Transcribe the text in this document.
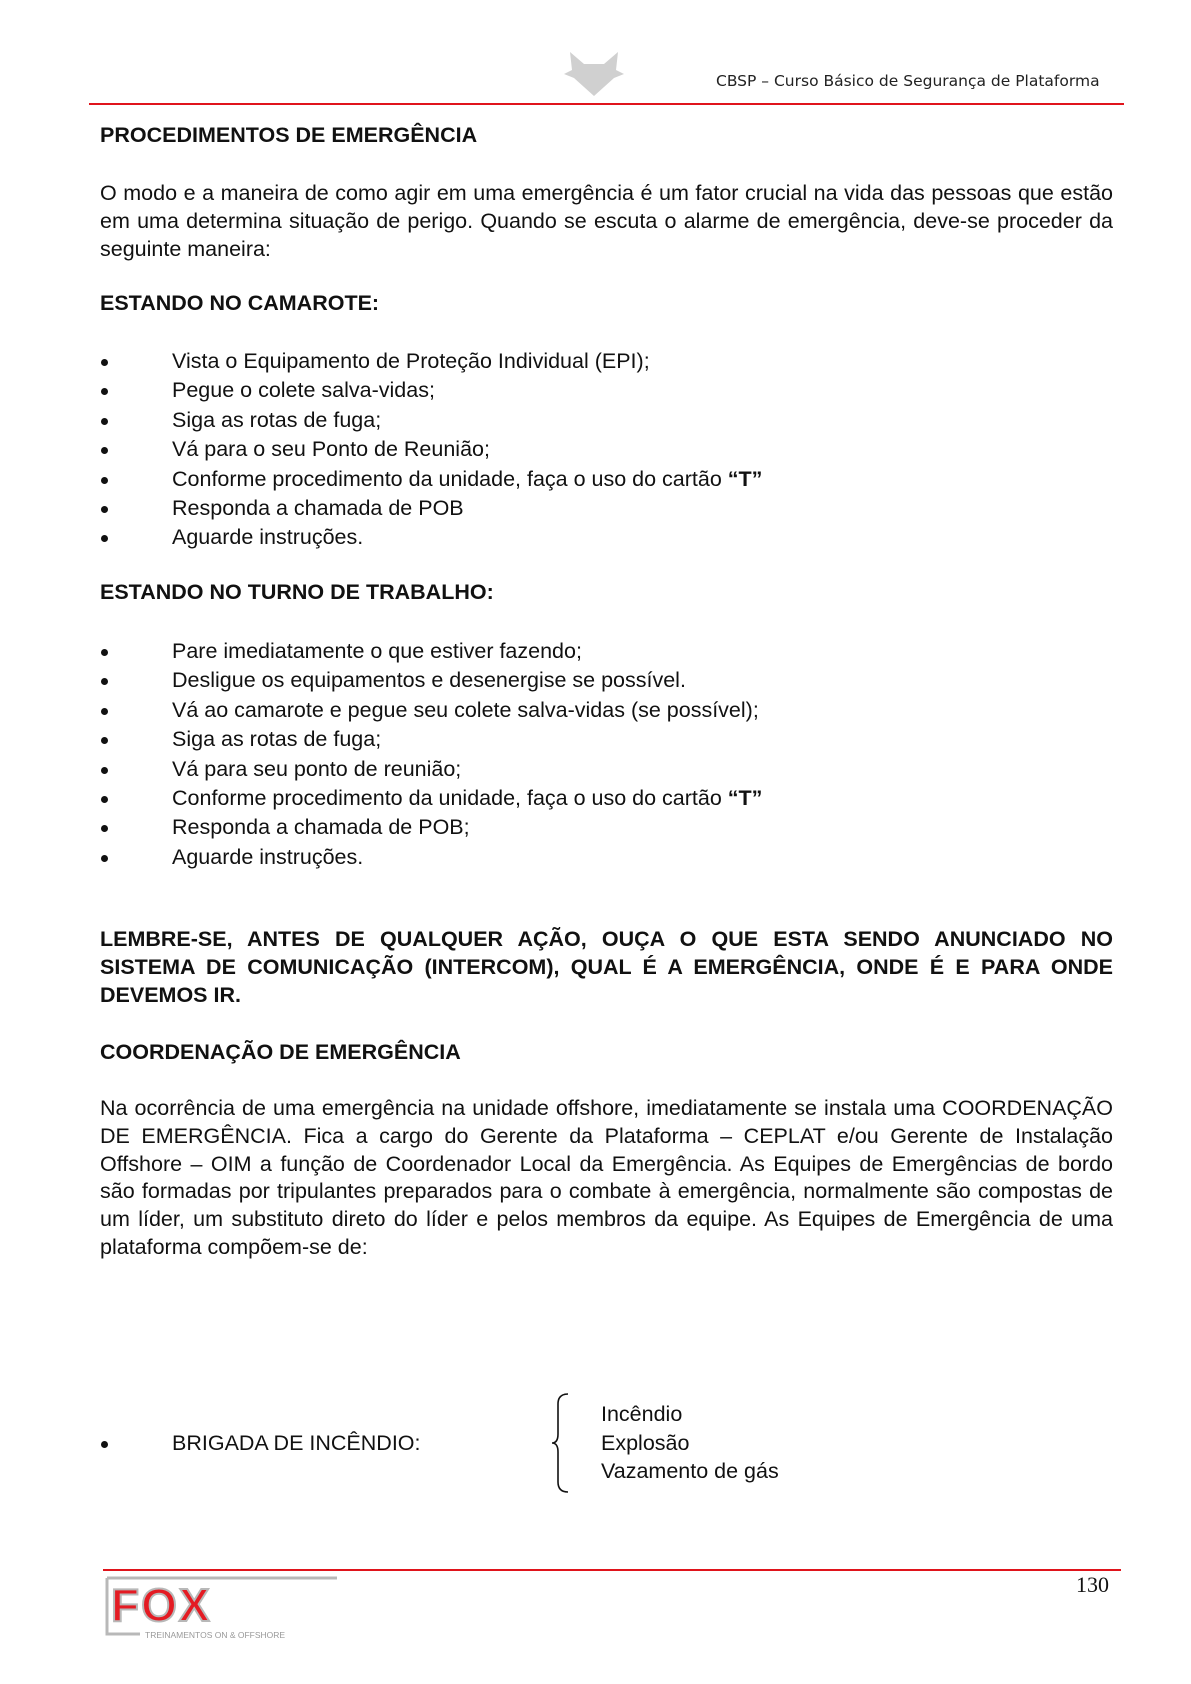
CBSP – Curso Básico de Segurança de Plataforma
PROCEDIMENTOS DE EMERGÊNCIA
O modo e a maneira de como agir em uma emergência é um fator crucial na vida das pessoas que estão em uma determina situação de perigo. Quando se escuta o alarme de emergência, deve-se proceder da seguinte maneira:
ESTANDO NO CAMAROTE:
Vista o Equipamento de Proteção Individual (EPI);
Pegue o colete salva-vidas;
Siga as rotas de fuga;
Vá para o seu Ponto de Reunião;
Conforme procedimento da unidade, faça o uso do cartão “T”
Responda a chamada de POB
Aguarde instruções.
ESTANDO NO TURNO DE TRABALHO:
Pare imediatamente o que estiver fazendo;
Desligue os equipamentos e desenergise se possível.
Vá ao camarote e pegue seu colete salva-vidas (se possível);
Siga as rotas de fuga;
Vá para seu ponto de reunião;
Conforme procedimento da unidade, faça o uso do cartão “T”
Responda a chamada de POB;
Aguarde instruções.
LEMBRE-SE, ANTES DE QUALQUER AÇÃO, OUÇA O QUE ESTA SENDO ANUNCIADO NO SISTEMA DE COMUNICAÇÃO (INTERCOM), QUAL É A EMERGÊNCIA, ONDE É E PARA ONDE DEVEMOS IR.
COORDENAÇÃO DE EMERGÊNCIA
Na ocorrência de uma emergência na unidade offshore, imediatamente se instala uma COORDENAÇÃO DE EMERGÊNCIA. Fica a cargo do Gerente da Plataforma – CEPLAT e/ou Gerente de Instalação Offshore – OIM a função de Coordenador Local da Emergência. As Equipes de Emergências de bordo são formadas por tripulantes preparados para o combate à emergência, normalmente são compostas de um líder, um substituto direto do líder e pelos membros da equipe. As Equipes de Emergência de uma plataforma compõem-se de:
BRIGADA DE INCÊNDIO:
Incêndio
Explosão
Vazamento de gás
130
FOX
TREINAMENTOS ON & OFFSHORE
